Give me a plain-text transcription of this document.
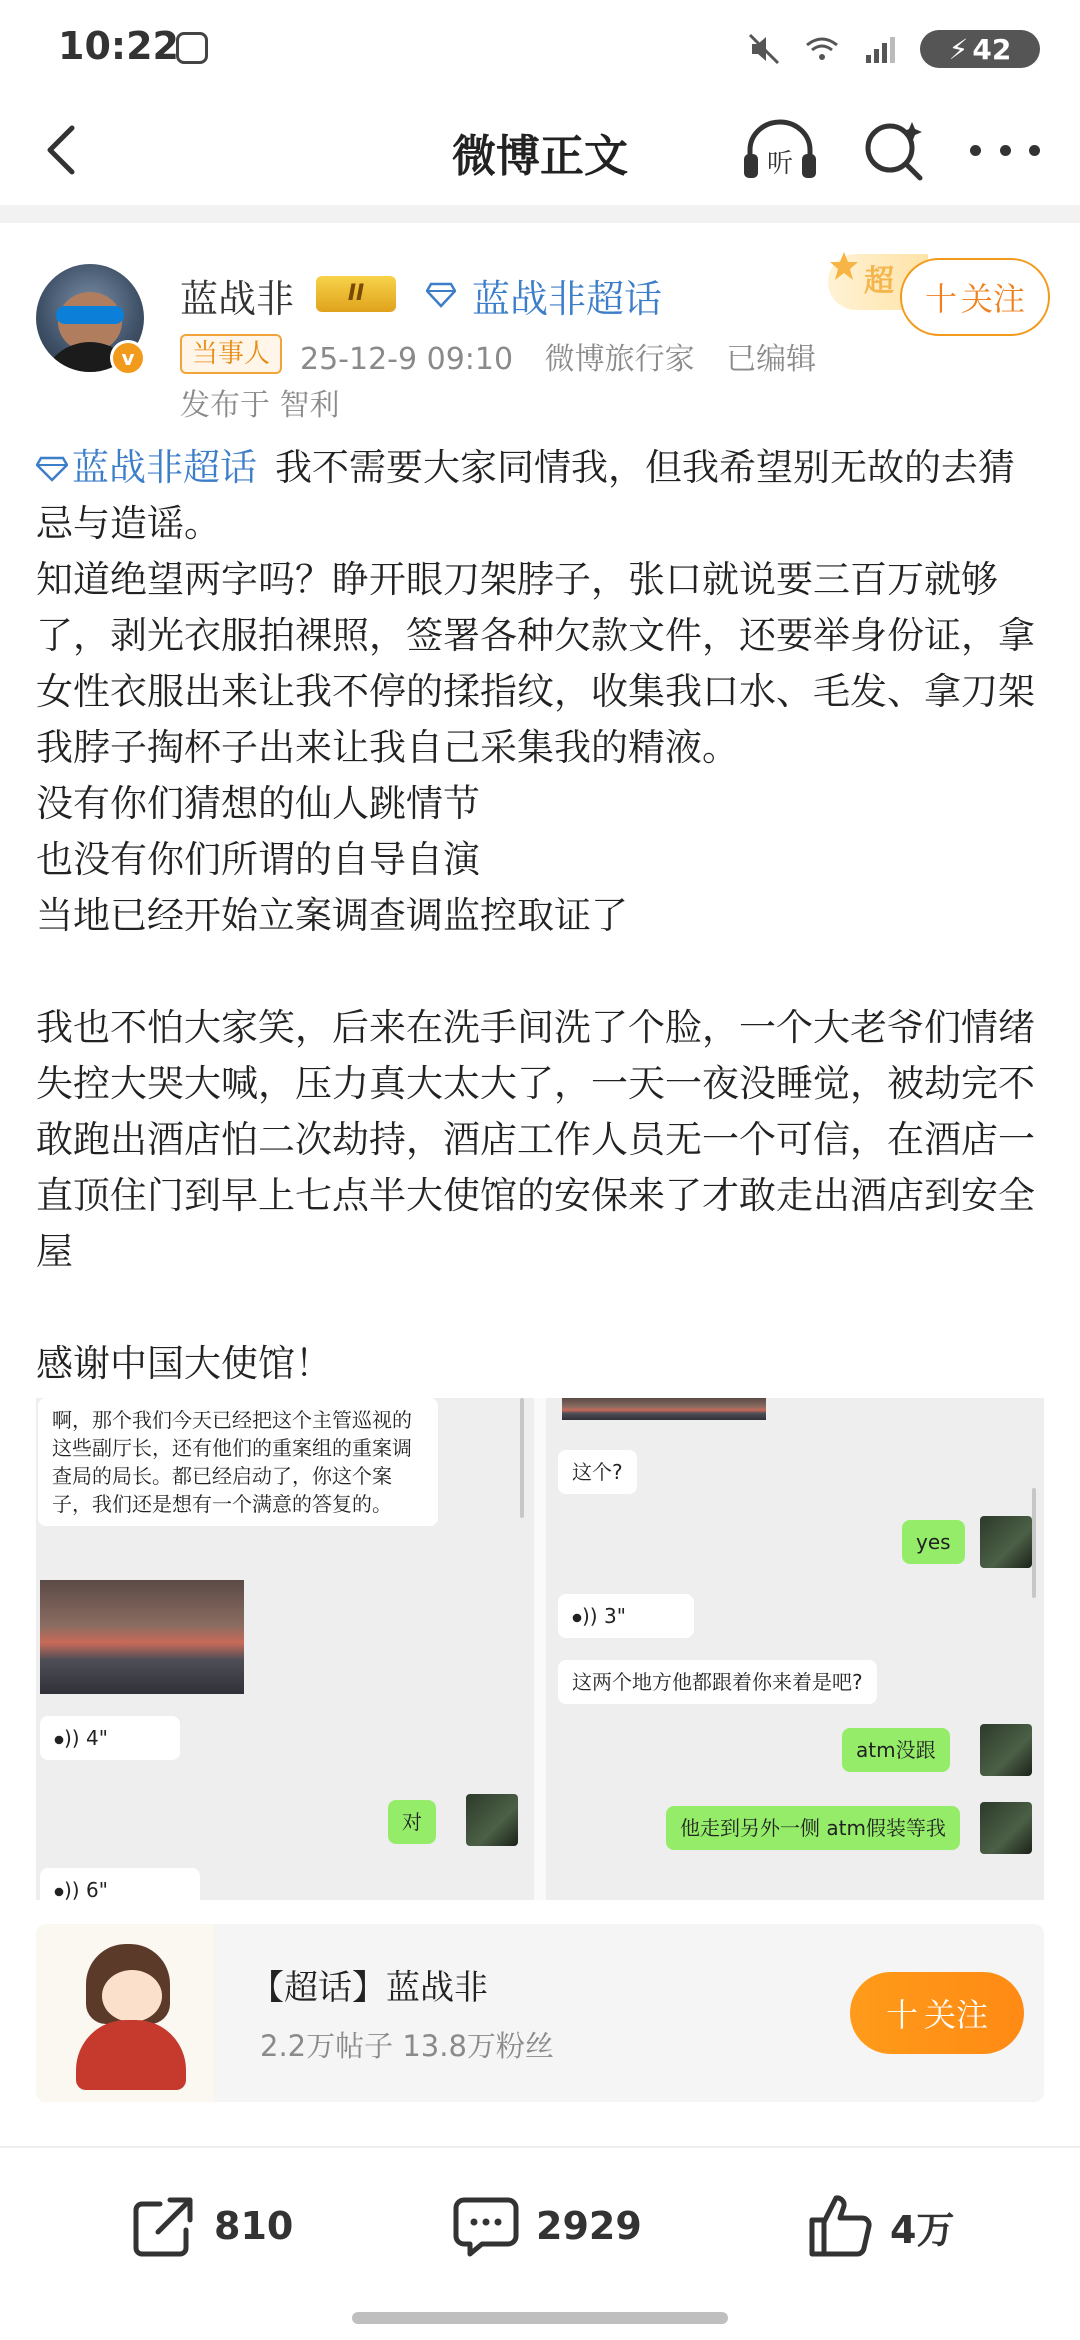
10:22	⚡ 42
微博正文	听
v
蓝战非	II	蓝战非超话	超 十 关注
当事人 25-12-9 09:10 微博旅行家 已编辑
发布于 智利

蓝战非超话 我不需要大家同情我，但我希望别无故的去猜忌与造谣。

知道绝望两字吗？睁开眼刀架脖子，张口就说要三百万就够了，剥光衣服拍裸照，签署各种欠款文件，还要举身份证，拿女性衣服出来让我不停的揉指纹，收集我口水、毛发、拿刀架我脖子掏杯子出来让我自己采集我的精液。

没有你们猜想的仙人跳情节

也没有你们所谓的自导自演

当地已经开始立案调查调监控取证了

我也不怕大家笑，后来在洗手间洗了个脸，一个大老爷们情绪失控大哭大喊，压力真大太大了，一天一夜没睡觉，被劫完不敢跑出酒店怕二次劫持，酒店工作人员无一个可信，在酒店一直顶住门到早上七点半大使馆的安保来了才敢走出酒店到安全屋

感谢中国大使馆！

啊，那个我们今天已经把这个主管巡视的这些副厅长，还有他们的重案组的重案调查局的局长。都已经启动了，你这个案子，我们还是想有一个满意的答复的。
⦁)) 4"
对
⦁)) 6"
这个?
yes
⦁)) 3"
这两个地方他都跟着你来着是吧?
atm没跟
他走到另外一侧 atm假装等我
【超话】蓝战非
2.2万帖子 13.8万粉丝
十 关注
810	2929	4万
